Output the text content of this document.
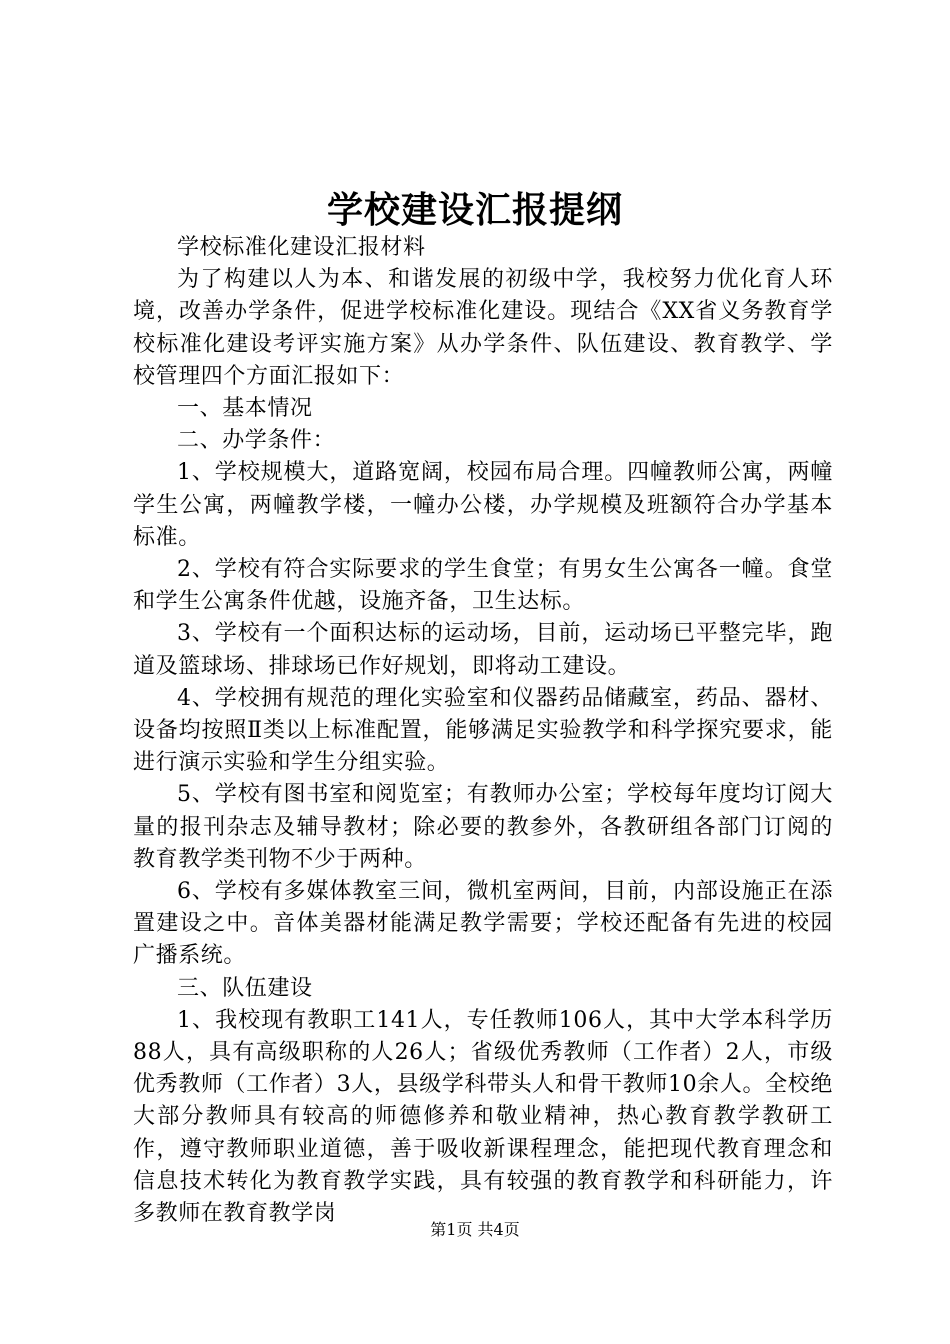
学校建设汇报提纲

学校标准化建设汇报材料

为了构建以人为本、和谐发展的初级中学，我校努力优化育人环境，改善办学条件，促进学校标准化建设。现结合《XX省义务教育学校标准化建设考评实施方案》从办学条件、队伍建设、教育教学、学校管理四个方面汇报如下：

一、基本情况

二、办学条件：

1、学校规模大，道路宽阔，校园布局合理。四幢教师公寓，两幢学生公寓，两幢教学楼，一幢办公楼，办学规模及班额符合办学基本标准。

2、学校有符合实际要求的学生食堂；有男女生公寓各一幢。食堂和学生公寓条件优越，设施齐备，卫生达标。

3、学校有一个面积达标的运动场，目前，运动场已平整完毕，跑道及篮球场、排球场已作好规划，即将动工建设。

4、学校拥有规范的理化实验室和仪器药品储藏室，药品、器材、设备均按照Ⅱ类以上标准配置，能够满足实验教学和科学探究要求，能进行演示实验和学生分组实验。

5、学校有图书室和阅览室；有教师办公室；学校每年度均订阅大量的报刊杂志及辅导教材；除必要的教参外，各教研组各部门订阅的教育教学类刊物不少于两种。

6、学校有多媒体教室三间，微机室两间，目前，内部设施正在添置建设之中。音体美器材能满足教学需要；学校还配备有先进的校园广播系统。

三、队伍建设

1、我校现有教职工141人，专任教师106人，其中大学本科学历88人，具有高级职称的人26人；省级优秀教师（工作者）2人，市级优秀教师（工作者）3人，县级学科带头人和骨干教师10余人。全校绝大部分教师具有较高的师德修养和敬业精神，热心教育教学教研工作，遵守教师职业道德，善于吸收新课程理念，能把现代教育理念和信息技术转化为教育教学实践，具有较强的教育教学和科研能力，许多教师在教育教学岗

第1页 共4页
